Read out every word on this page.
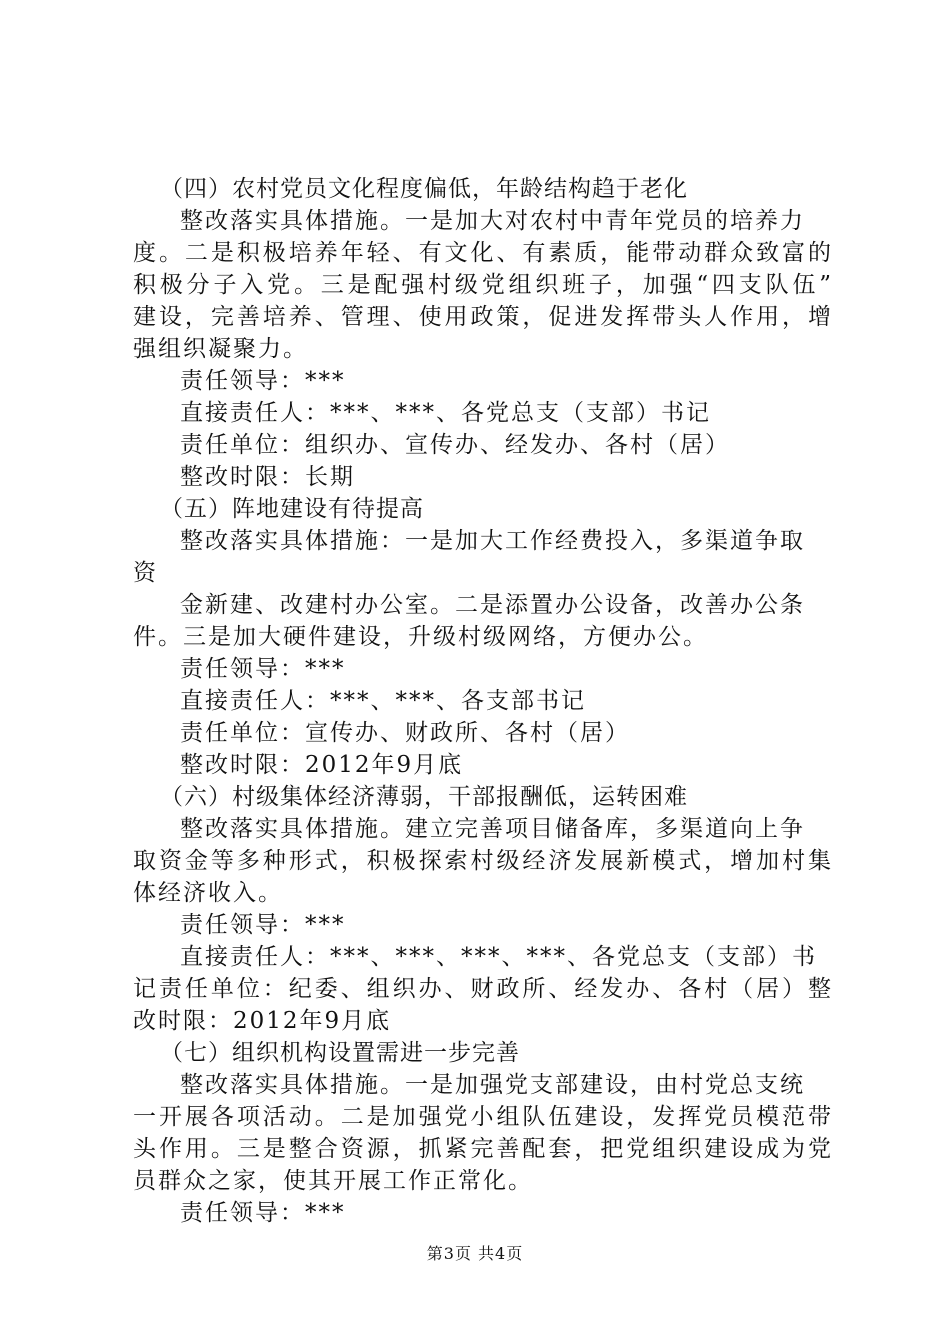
（四）农村党员文化程度偏低，年龄结构趋于老化
整改落实具体措施。一是加大对农村中青年党员的培养力
度。二是积极培养年轻、有文化、有素质，能带动群众致富的
积极分子入党。三是配强村级党组织班子，加强“四支队伍”
建设，完善培养、管理、使用政策，促进发挥带头人作用，增
强组织凝聚力。
责任领导：***
直接责任人：***、***、各党总支（支部）书记
责任单位：组织办、宣传办、经发办、各村（居）
整改时限：长期
（五）阵地建设有待提高
整改落实具体措施：一是加大工作经费投入，多渠道争取
资
金新建、改建村办公室。二是添置办公设备，改善办公条
件。三是加大硬件建设，升级村级网络，方便办公。
责任领导：***
直接责任人：***、***、各支部书记
责任单位：宣传办、财政所、各村（居）
整改时限：2012年9月底
（六）村级集体经济薄弱，干部报酬低，运转困难
整改落实具体措施。建立完善项目储备库，多渠道向上争
取资金等多种形式，积极探索村级经济发展新模式，增加村集
体经济收入。
责任领导：***
直接责任人：***、***、***、***、各党总支（支部）书
记责任单位：纪委、组织办、财政所、经发办、各村（居）整
改时限：2012年9月底
（七）组织机构设置需进一步完善
整改落实具体措施。一是加强党支部建设，由村党总支统
一开展各项活动。二是加强党小组队伍建设，发挥党员模范带
头作用。三是整合资源，抓紧完善配套，把党组织建设成为党
员群众之家，使其开展工作正常化。
责任领导：***
第3页 共4页
